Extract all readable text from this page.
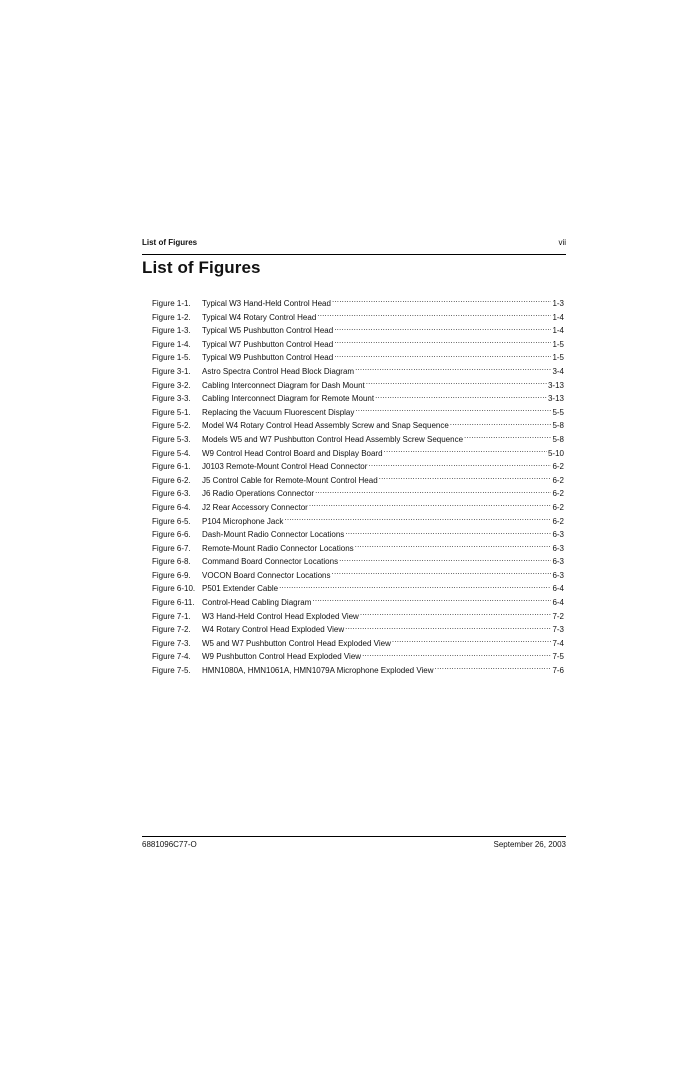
List of Figures	vii
List of Figures
Figure 1-1.	Typical W3 Hand-Held Control Head .....	1-3
Figure 1-2.	Typical W4 Rotary Control Head .....	1-4
Figure 1-3.	Typical W5 Pushbutton Control Head .....	1-4
Figure 1-4.	Typical W7 Pushbutton Control Head .....	1-5
Figure 1-5.	Typical W9 Pushbutton Control Head .....	1-5
Figure 3-1.	Astro Spectra Control Head Block Diagram .....	3-4
Figure 3-2.	Cabling Interconnect Diagram for Dash Mount .....	3-13
Figure 3-3.	Cabling Interconnect Diagram for Remote Mount .....	3-13
Figure 5-1.	Replacing the Vacuum Fluorescent Display .....	5-5
Figure 5-2.	Model W4 Rotary Control Head Assembly Screw and Snap Sequence .....	5-8
Figure 5-3.	Models W5 and W7 Pushbutton Control Head Assembly Screw Sequence .....	5-8
Figure 5-4.	W9 Control Head Control Board and Display Board .....	5-10
Figure 6-1.	J0103 Remote-Mount Control Head Connector .....	6-2
Figure 6-2.	J5 Control Cable for Remote-Mount Control Head .....	6-2
Figure 6-3.	J6 Radio Operations Connector .....	6-2
Figure 6-4.	J2 Rear Accessory Connector .....	6-2
Figure 6-5.	P104 Microphone Jack .....	6-2
Figure 6-6.	Dash-Mount Radio Connector Locations .....	6-3
Figure 6-7.	Remote-Mount Radio Connector Locations .....	6-3
Figure 6-8.	Command Board Connector Locations .....	6-3
Figure 6-9.	VOCON Board Connector Locations .....	6-3
Figure 6-10. P501 Extender Cable .....	6-4
Figure 6-11. Control-Head Cabling Diagram .....	6-4
Figure 7-1.	W3 Hand-Held Control Head Exploded View .....	7-2
Figure 7-2.	W4 Rotary Control Head Exploded View .....	7-3
Figure 7-3.	W5 and W7 Pushbutton Control Head Exploded View .....	7-4
Figure 7-4.	W9 Pushbutton Control Head Exploded View .....	7-5
Figure 7-5.	HMN1080A, HMN1061A, HMN1079A Microphone Exploded View .....	7-6
6881096C77-O	September 26, 2003
